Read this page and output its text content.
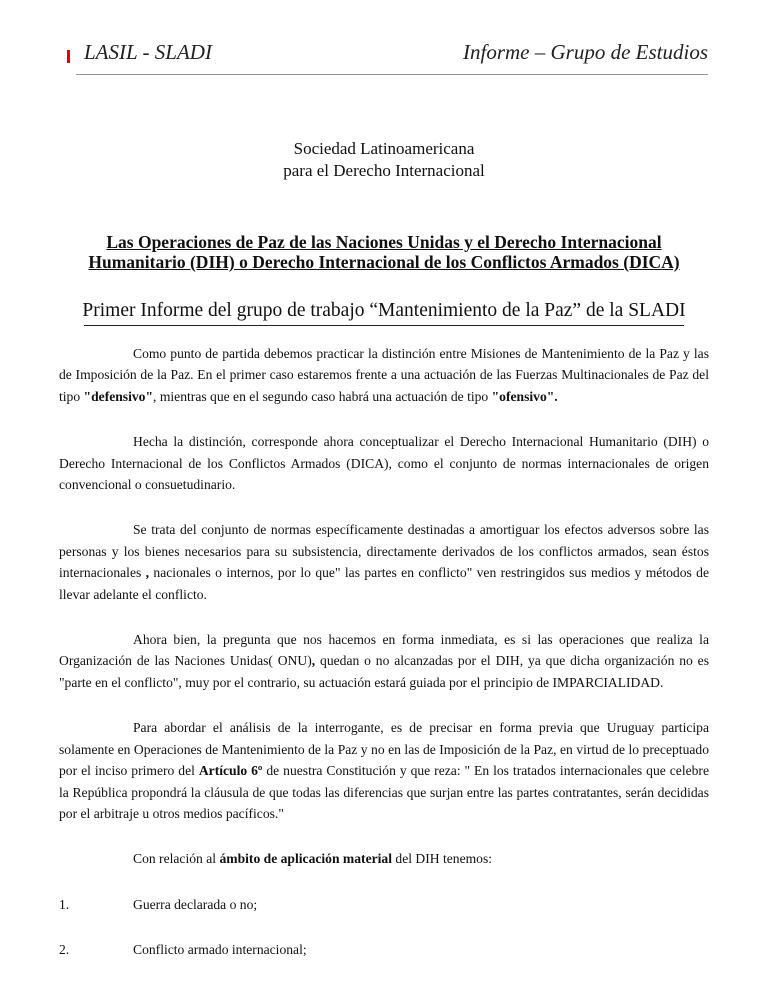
LASIL - SLADI	Informe – Grupo de Estudios
Sociedad Latinoamericana
para el Derecho Internacional
Las Operaciones de Paz de las Naciones Unidas y el Derecho Internacional Humanitario (DIH) o Derecho Internacional de los Conflictos Armados (DICA)
Primer Informe del grupo de trabajo “Mantenimiento de la Paz” de la SLADI

Como punto de partida debemos practicar la distinción entre Misiones de Mantenimiento de la Paz y las de Imposición de la Paz. En el primer caso estaremos frente a una actuación de las Fuerzas Multinacionales de Paz del tipo "defensivo", mientras que en el segundo caso habrá una actuación de tipo "ofensivo".

Hecha la distinción, corresponde ahora conceptualizar el Derecho Internacional Humanitario (DIH) o Derecho Internacional de los Conflictos Armados (DICA), como el conjunto de normas internacionales de origen convencional o consuetudinario.

Se trata del conjunto de normas específicamente destinadas a amortiguar los efectos adversos sobre las personas y los bienes necesarios para su subsistencia, directamente derivados de los conflictos armados, sean éstos internacionales , nacionales o internos, por lo que" las partes en conflicto" ven restringidos sus medios y métodos de llevar adelante el conflicto.

Ahora bien, la pregunta que nos hacemos en forma inmediata, es si las operaciones que realiza la Organización de las Naciones Unidas( ONU), quedan o no alcanzadas por el DIH, ya que dicha organización no es "parte en el conflicto", muy por el contrario, su actuación estará guiada por el principio de IMPARCIALIDAD.

Para abordar el análisis de la interrogante, es de precisar en forma previa que Uruguay participa solamente en Operaciones de Mantenimiento de la Paz y no en las de Imposición de la Paz, en virtud de lo preceptuado por el inciso primero del Artículo 6º de nuestra Constitución y que reza: " En los tratados internacionales que celebre la República propondrá la cláusula de que todas las diferencias que surjan entre las partes contratantes, serán decididas por el arbitraje u otros medios pacíficos."

Con relación al ámbito de aplicación material del DIH tenemos:

1.	Guerra declarada o no;
2.	Conflicto armado internacional;
